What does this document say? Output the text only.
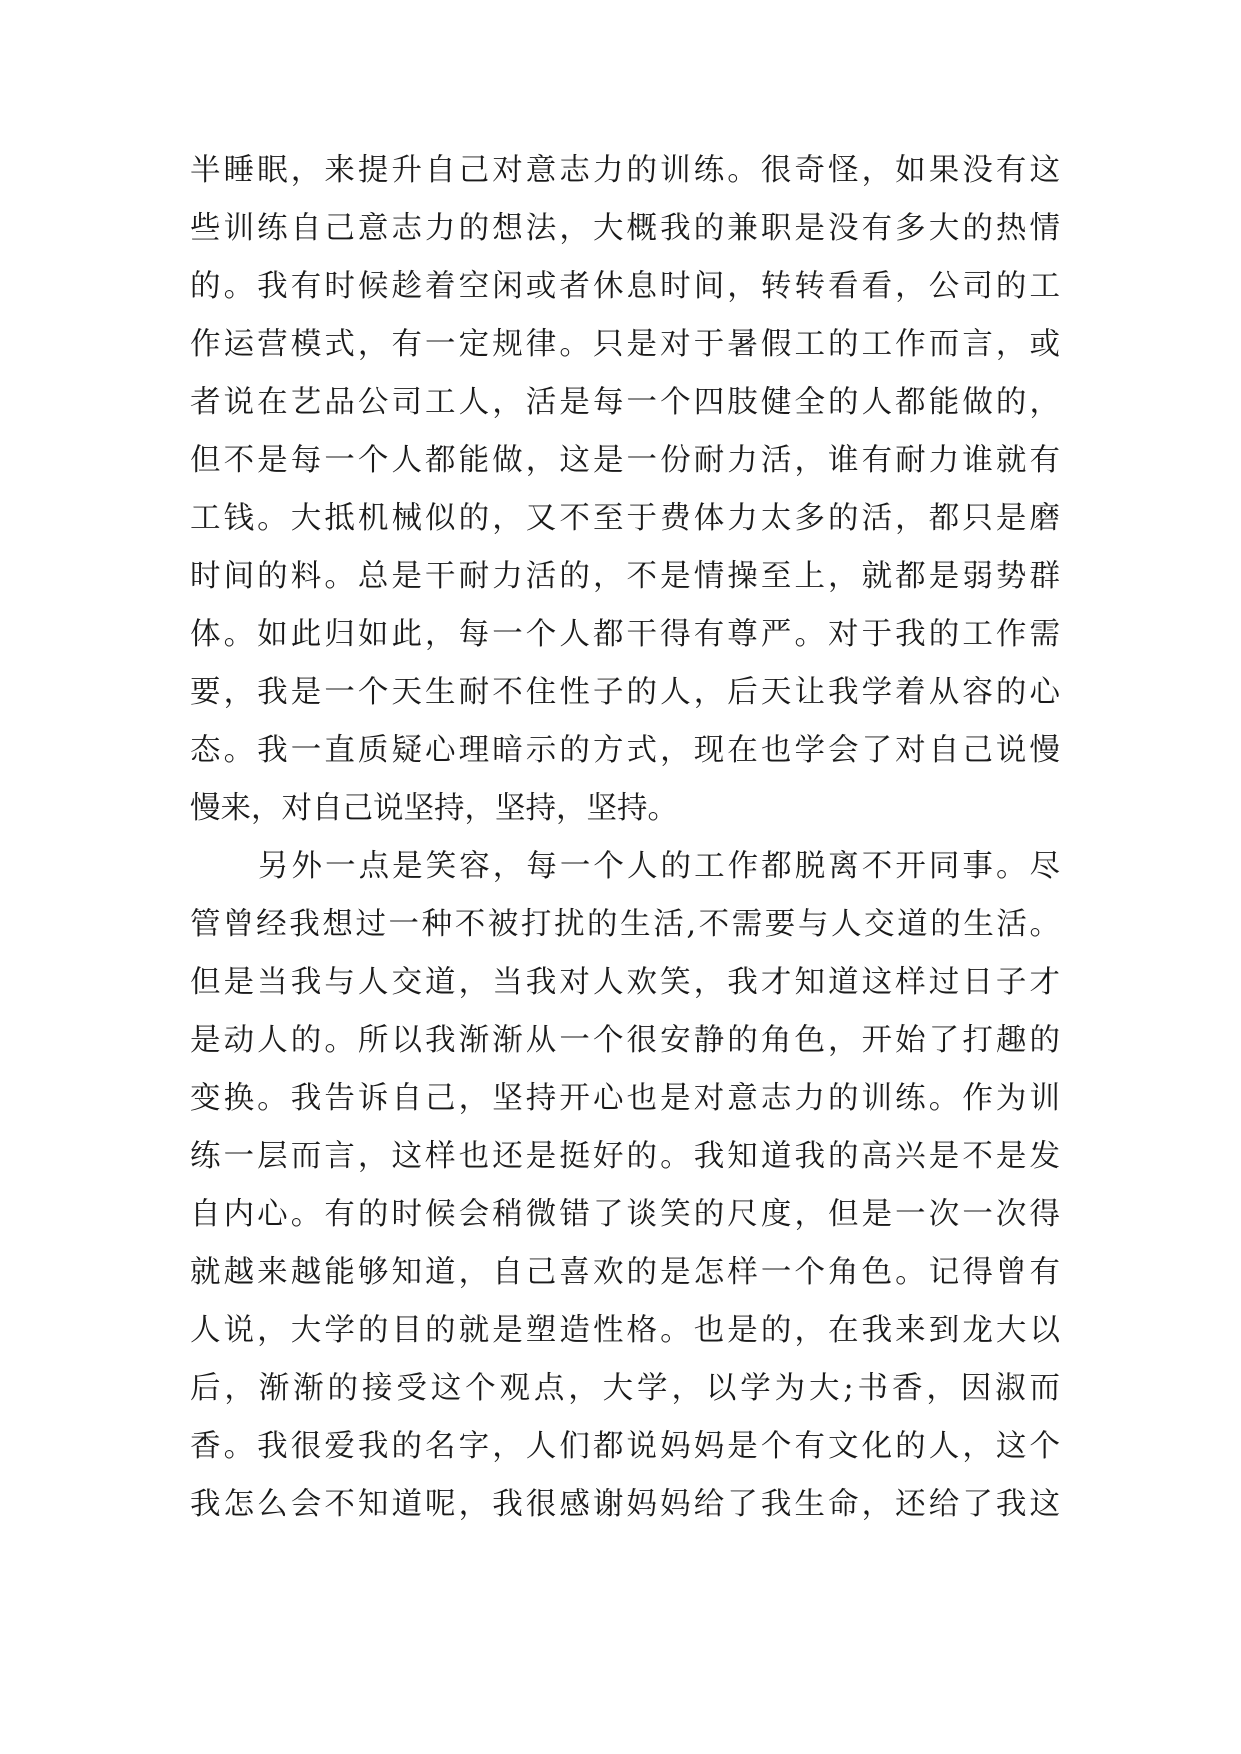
半睡眠，来提升自己对意志力的训练。很奇怪，如果没有这
些训练自己意志力的想法，大概我的兼职是没有多大的热情
的。我有时候趁着空闲或者休息时间，转转看看，公司的工
作运营模式，有一定规律。只是对于暑假工的工作而言，或
者说在艺品公司工人，活是每一个四肢健全的人都能做的，
但不是每一个人都能做，这是一份耐力活，谁有耐力谁就有
工钱。大抵机械似的，又不至于费体力太多的活，都只是磨
时间的料。总是干耐力活的，不是情操至上，就都是弱势群
体。如此归如此，每一个人都干得有尊严。对于我的工作需
要，我是一个天生耐不住性子的人，后天让我学着从容的心
态。我一直质疑心理暗示的方式，现在也学会了对自己说慢
慢来，对自己说坚持，坚持，坚持。
另外一点是笑容，每一个人的工作都脱离不开同事。尽
管曾经我想过一种不被打扰的生活,不需要与人交道的生活。
但是当我与人交道，当我对人欢笑，我才知道这样过日子才
是动人的。所以我渐渐从一个很安静的角色，开始了打趣的
变换。我告诉自己，坚持开心也是对意志力的训练。作为训
练一层而言，这样也还是挺好的。我知道我的高兴是不是发
自内心。有的时候会稍微错了谈笑的尺度，但是一次一次得
就越来越能够知道，自己喜欢的是怎样一个角色。记得曾有
人说，大学的目的就是塑造性格。也是的，在我来到龙大以
后，渐渐的接受这个观点，大学，以学为大;书香，因淑而
香。我很爱我的名字，人们都说妈妈是个有文化的人，这个
我怎么会不知道呢，我很感谢妈妈给了我生命，还给了我这
